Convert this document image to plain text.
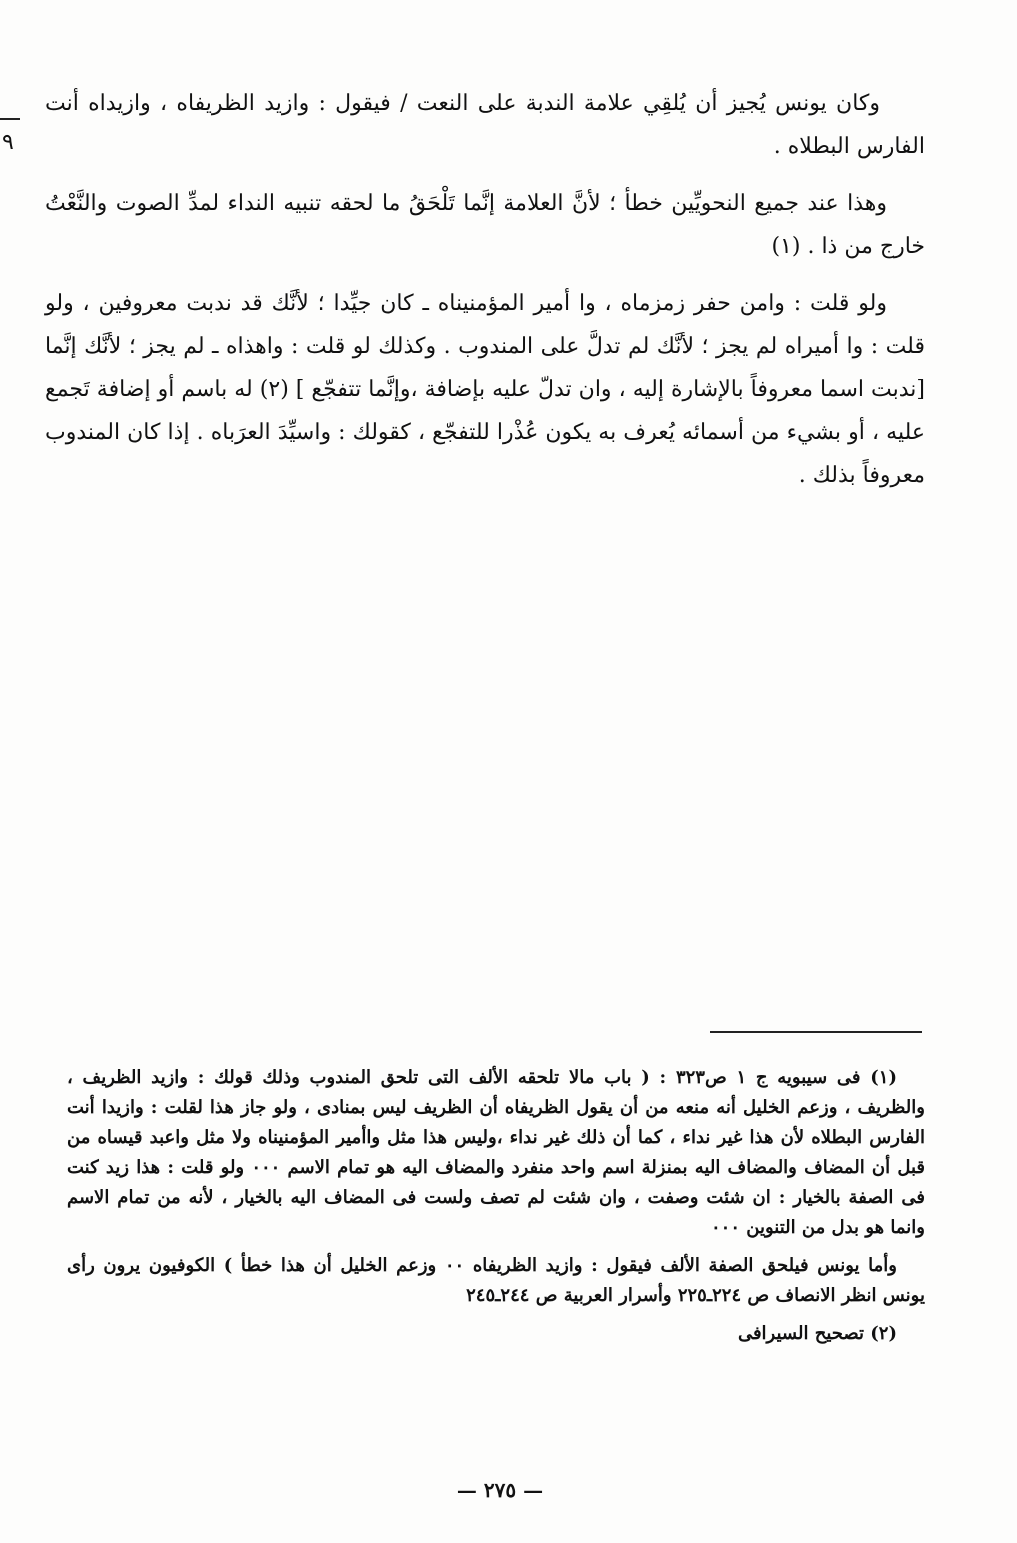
٩

وكان يونس يُجيز أن يُلقِي علامة الندبة على النعت / فيقول : وازيد الظريفاه ، وازيداه أنت الفارس البطلاه .

وهذا عند جميع النحويِّين خطأ ؛ لأنَّ العلامة إنَّما تَلْحَقُ ما لحقه تنبيه النداء لمدِّ الصوت والنَّعْتُ خارج من ذا . (١)

ولو قلت : وامن حفر زمزماه ، وا أمير المؤمنيناه ـ كان جيِّدا ؛ لأنَّك قد ندبت معروفين ، ولو قلت : وا أميراه لم يجز ؛ لأنَّك لم تدلَّ على المندوب . وكذلك لو قلت : واهذاه ـ لم يجز ؛ لأنَّك إنَّما [ندبت اسما معروفاً بالإشارة إليه ، وان تدلّ عليه بإضافة ،وإنَّما تتفجّع ] (٢) له باسم أو إضافة تَجمع عليه ، أو بشيء من أسمائه يُعرف به يكون عُذْرا للتفجّع ، كقولك : واسيِّدَ العرَباه . إذا كان المندوب معروفاً بذلك .

(١) فى سيبويه ج ١ ص٣٢٣ : ( باب مالا تلحقه الألف التى تلحق المندوب وذلك قولك : وازيد الظريف ، والظريف ، وزعم الخليل أنه منعه من أن يقول الظريفاه أن الظريف ليس بمنادى ، ولو جاز هذا لقلت : وازيدا أنت الفارس البطلاه لأن هذا غير نداء ، كما أن ذلك غير نداء ،وليس هذا مثل واأمير المؤمنيناه ولا مثل واعبد قيساه من قبل أن المضاف والمضاف اليه بمنزلة اسم واحد منفرد والمضاف اليه هو تمام الاسم ٠٠٠ ولو قلت : هذا زيد كنت فى الصفة بالخيار : ان شئت وصفت ، وان شئت لم تصف ولست فى المضاف اليه بالخيار ، لأنه من تمام الاسم وانما هو بدل من التنوين ٠٠٠

وأما يونس فيلحق الصفة الألف فيقول : وازيد الظريفاه ٠٠ وزعم الخليل أن هذا خطأ ) الكوفيون يرون رأى يونس انظر الانصاف ص ٢٢٤ـ٢٢٥ وأسرار العربية ص ٢٤٤ـ٢٤٥

(٢) تصحيح السيرافى

— ٢٧٥ —
